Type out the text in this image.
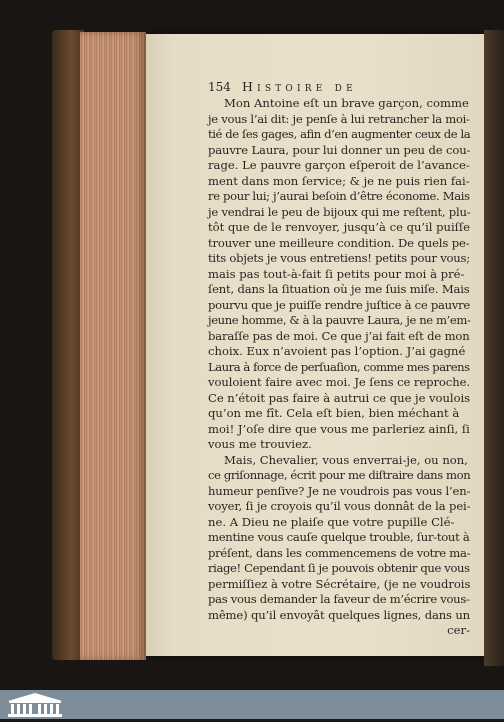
154 Histoire de
Mon Antoine eſt un brave garçon, comme
je vous l’ai dit: je penſe à lui retrancher la moi-
tié de ſes gages, afin d’en augmenter ceux de la
pauvre Laura, pour lui donner un peu de cou-
rage. Le pauvre garçon eſperoit de l’avance-
ment dans mon ſervice; & je ne puis rien fai-
re pour lui; j’aurai beſoin d’être économe. Mais
je vendrai le peu de bijoux qui me reſtent, plu-
tôt que de le renvoyer, jusqu’à ce qu’il puiſſe
trouver une meilleure condition. De quels pe-
tits objets je vous entretiens! petits pour vous;
mais pas tout-à-fait ſi petits pour moi à pré-
ſent, dans la ſituation où je me ſuis miſe. Mais
pourvu que je puiſſe rendre juſtice à ce pauvre
jeune homme, & à la pauvre Laura, je ne m’em-
baraſſe pas de moi. Ce que j’ai fait eſt de mon
choix. Eux n’avoient pas l’option. J’ai gagné
Laura à force de perſuaſion, comme mes parens
vouloient faire avec moi. Je ſens ce reproche.
Ce n’étoit pas faire à autrui ce que je voulois
qu’on me fît. Cela eſt bien, bien méchant à
moi! J’oſe dire que vous me parleriez ainſi, ſi
vous me trouviez.
Mais, Chevalier, vous enverrai-je, ou non,
ce griſonnage, écrit pour me diſtraire dans mon
humeur penſive? Je ne voudrois pas vous l’en-
voyer, ſi je croyois qu’il vous donnât de la pei-
ne. A Dieu ne plaiſe que votre pupille Clé-
mentine vous cauſe quelque trouble, ſur-tout à
préſent, dans les commencemens de votre ma-
riage! Cependant ſi je pouvois obtenir que vous
permiſſiez à votre Sécrétaire, (je ne voudrois
pas vous demander la faveur de m’écrire vous-
même) qu’il envoyât quelques lignes, dans un
cer-
